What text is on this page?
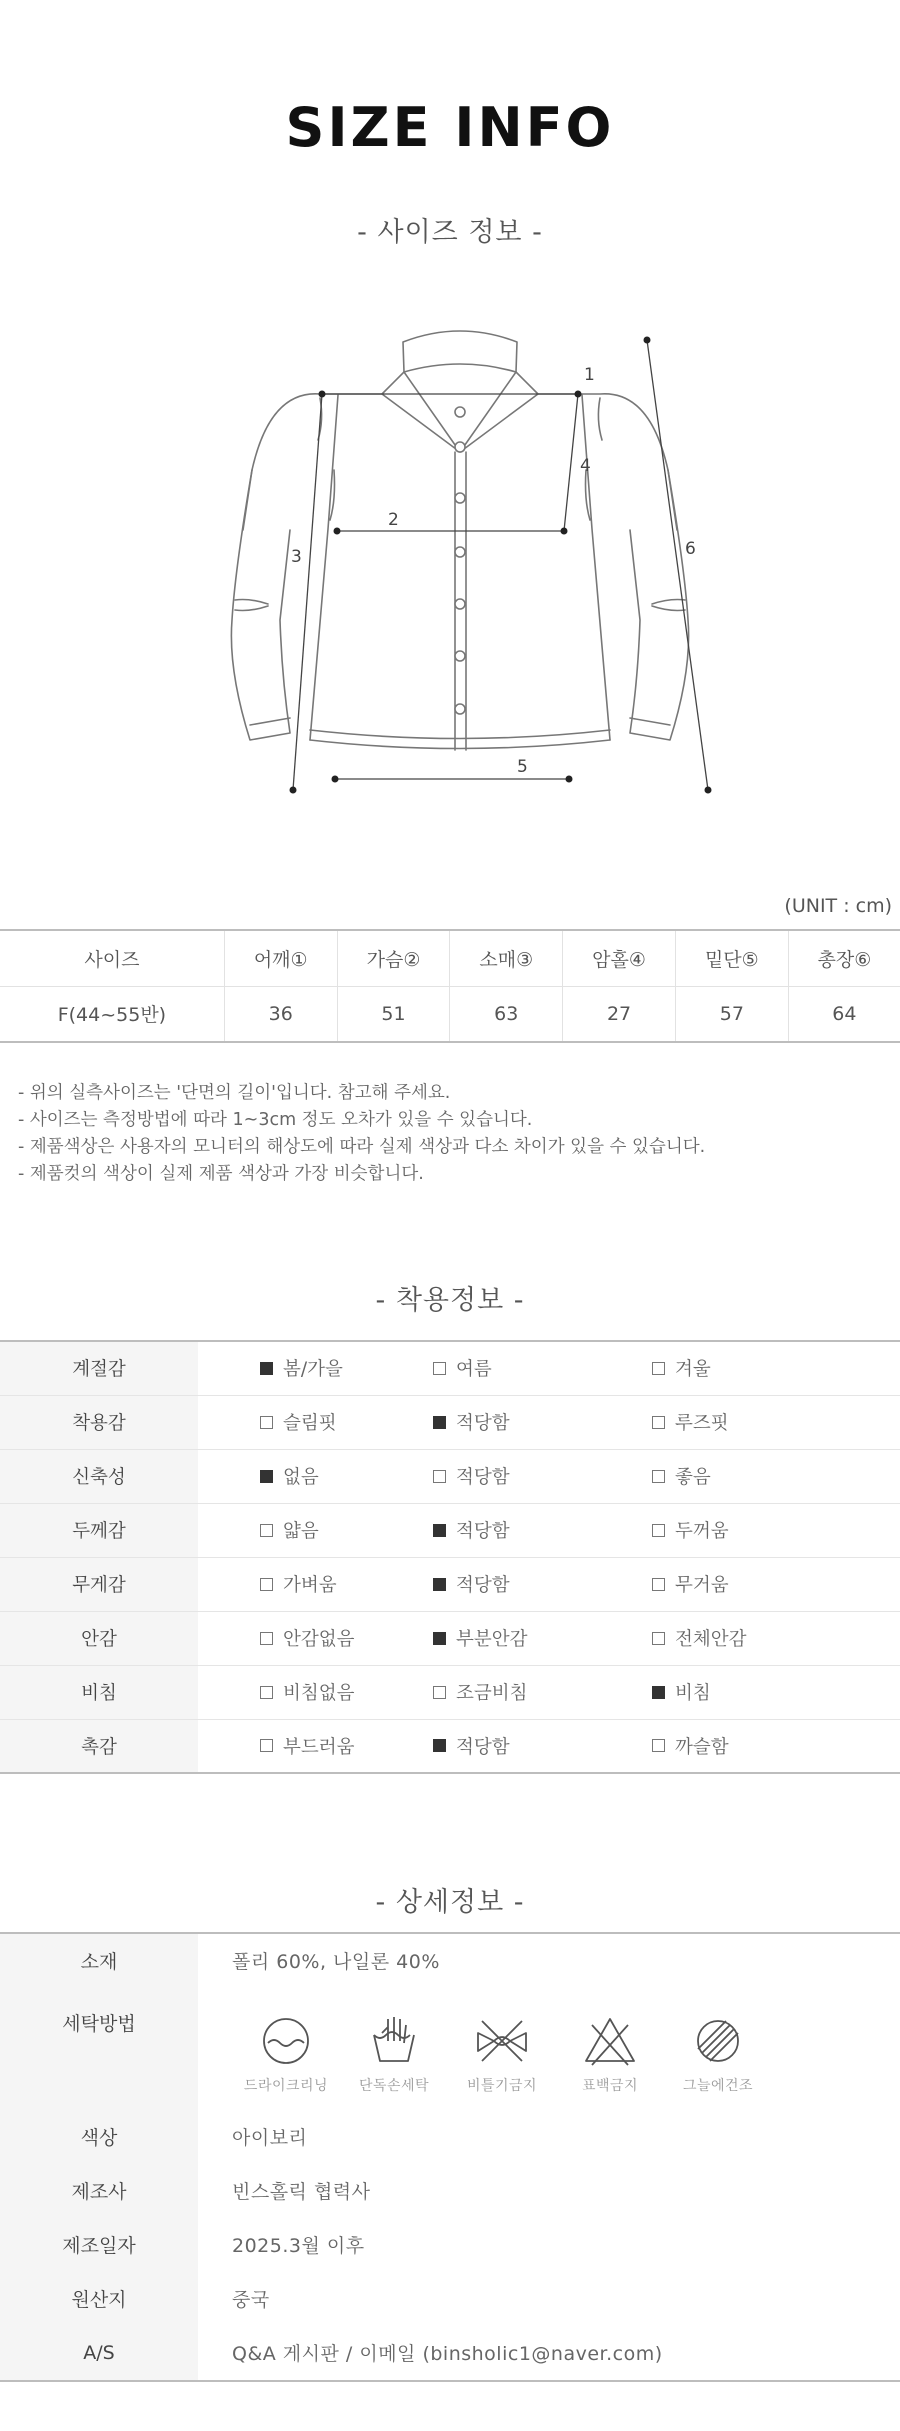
SIZE INFO
- 사이즈 정보 -
1
2
3
4
5
6
(UNIT : cm)
사이즈	어깨①	가슴②	소매③	암홀④	밑단⑤	총장⑥
F(44~55반)	36	51	63	27	57	64
- 위의 실측사이즈는 '단면의 길이'입니다. 참고해 주세요.
- 사이즈는 측정방법에 따라 1~3cm 정도 오차가 있을 수 있습니다.
- 제품색상은 사용자의 모니터의 해상도에 따라 실제 색상과 다소 차이가 있을 수 있습니다.
- 제품컷의 색상이 실제 제품 색상과 가장 비슷합니다.
- 착용정보 -
계절감	봄/가을	여름	겨울

착용감	슬림핏	적당함	루즈핏

신축성	없음	적당함	좋음

두께감	얇음	적당함	두꺼움

무게감	가벼움	적당함	무거움

안감	안감없음	부분안감	전체안감

비침	비침없음	조금비침	비침

촉감	부드러움	적당함	까슬함
- 상세정보 -
소재	폴리 60%, 나일론 40%
세탁방법	드라이크리닝 단독손세탁 비틀기금지 표백금지 그늘에건조

색상	아이보리
제조사	빈스홀릭 협력사
제조일자	2025.3월 이후
원산지	중국
A/S	Q&A 게시판 / 이메일 (binsholic1@naver.com)
